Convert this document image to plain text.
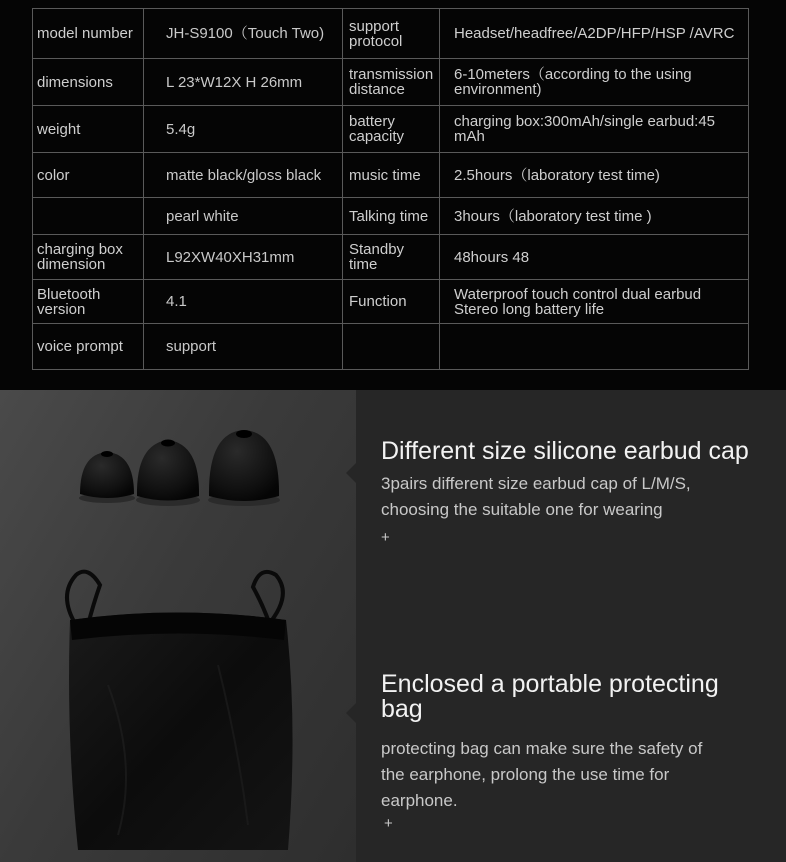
model number	JH-S9100（Touch Two)	support protocol	Headset/headfree/A2DP/HFP/HSP /AVRC
dimensions	L 23*W12X H 26mm	transmission distance	6-10meters（according to the using environment)
weight	5.4g	battery capacity	charging box:300mAh/single earbud:45 mAh
color	matte black/gloss black	music time	2.5hours（laboratory test time)
	pearl white	Talking time	3hours（laboratory test time )
charging box dimension	L92XW40XH31mm	Standby time	48hours 48
Bluetooth version	4.1	Function	Waterproof touch control dual earbud Stereo long battery life
voice prompt	support		
Different size silicone earbud cap

3pairs different size earbud cap of L/M/S, choosing the suitable one for wearing

+
Enclosed a portable protecting bag

protecting bag can make sure the safety of the earphone, prolong the use time for earphone.

+
